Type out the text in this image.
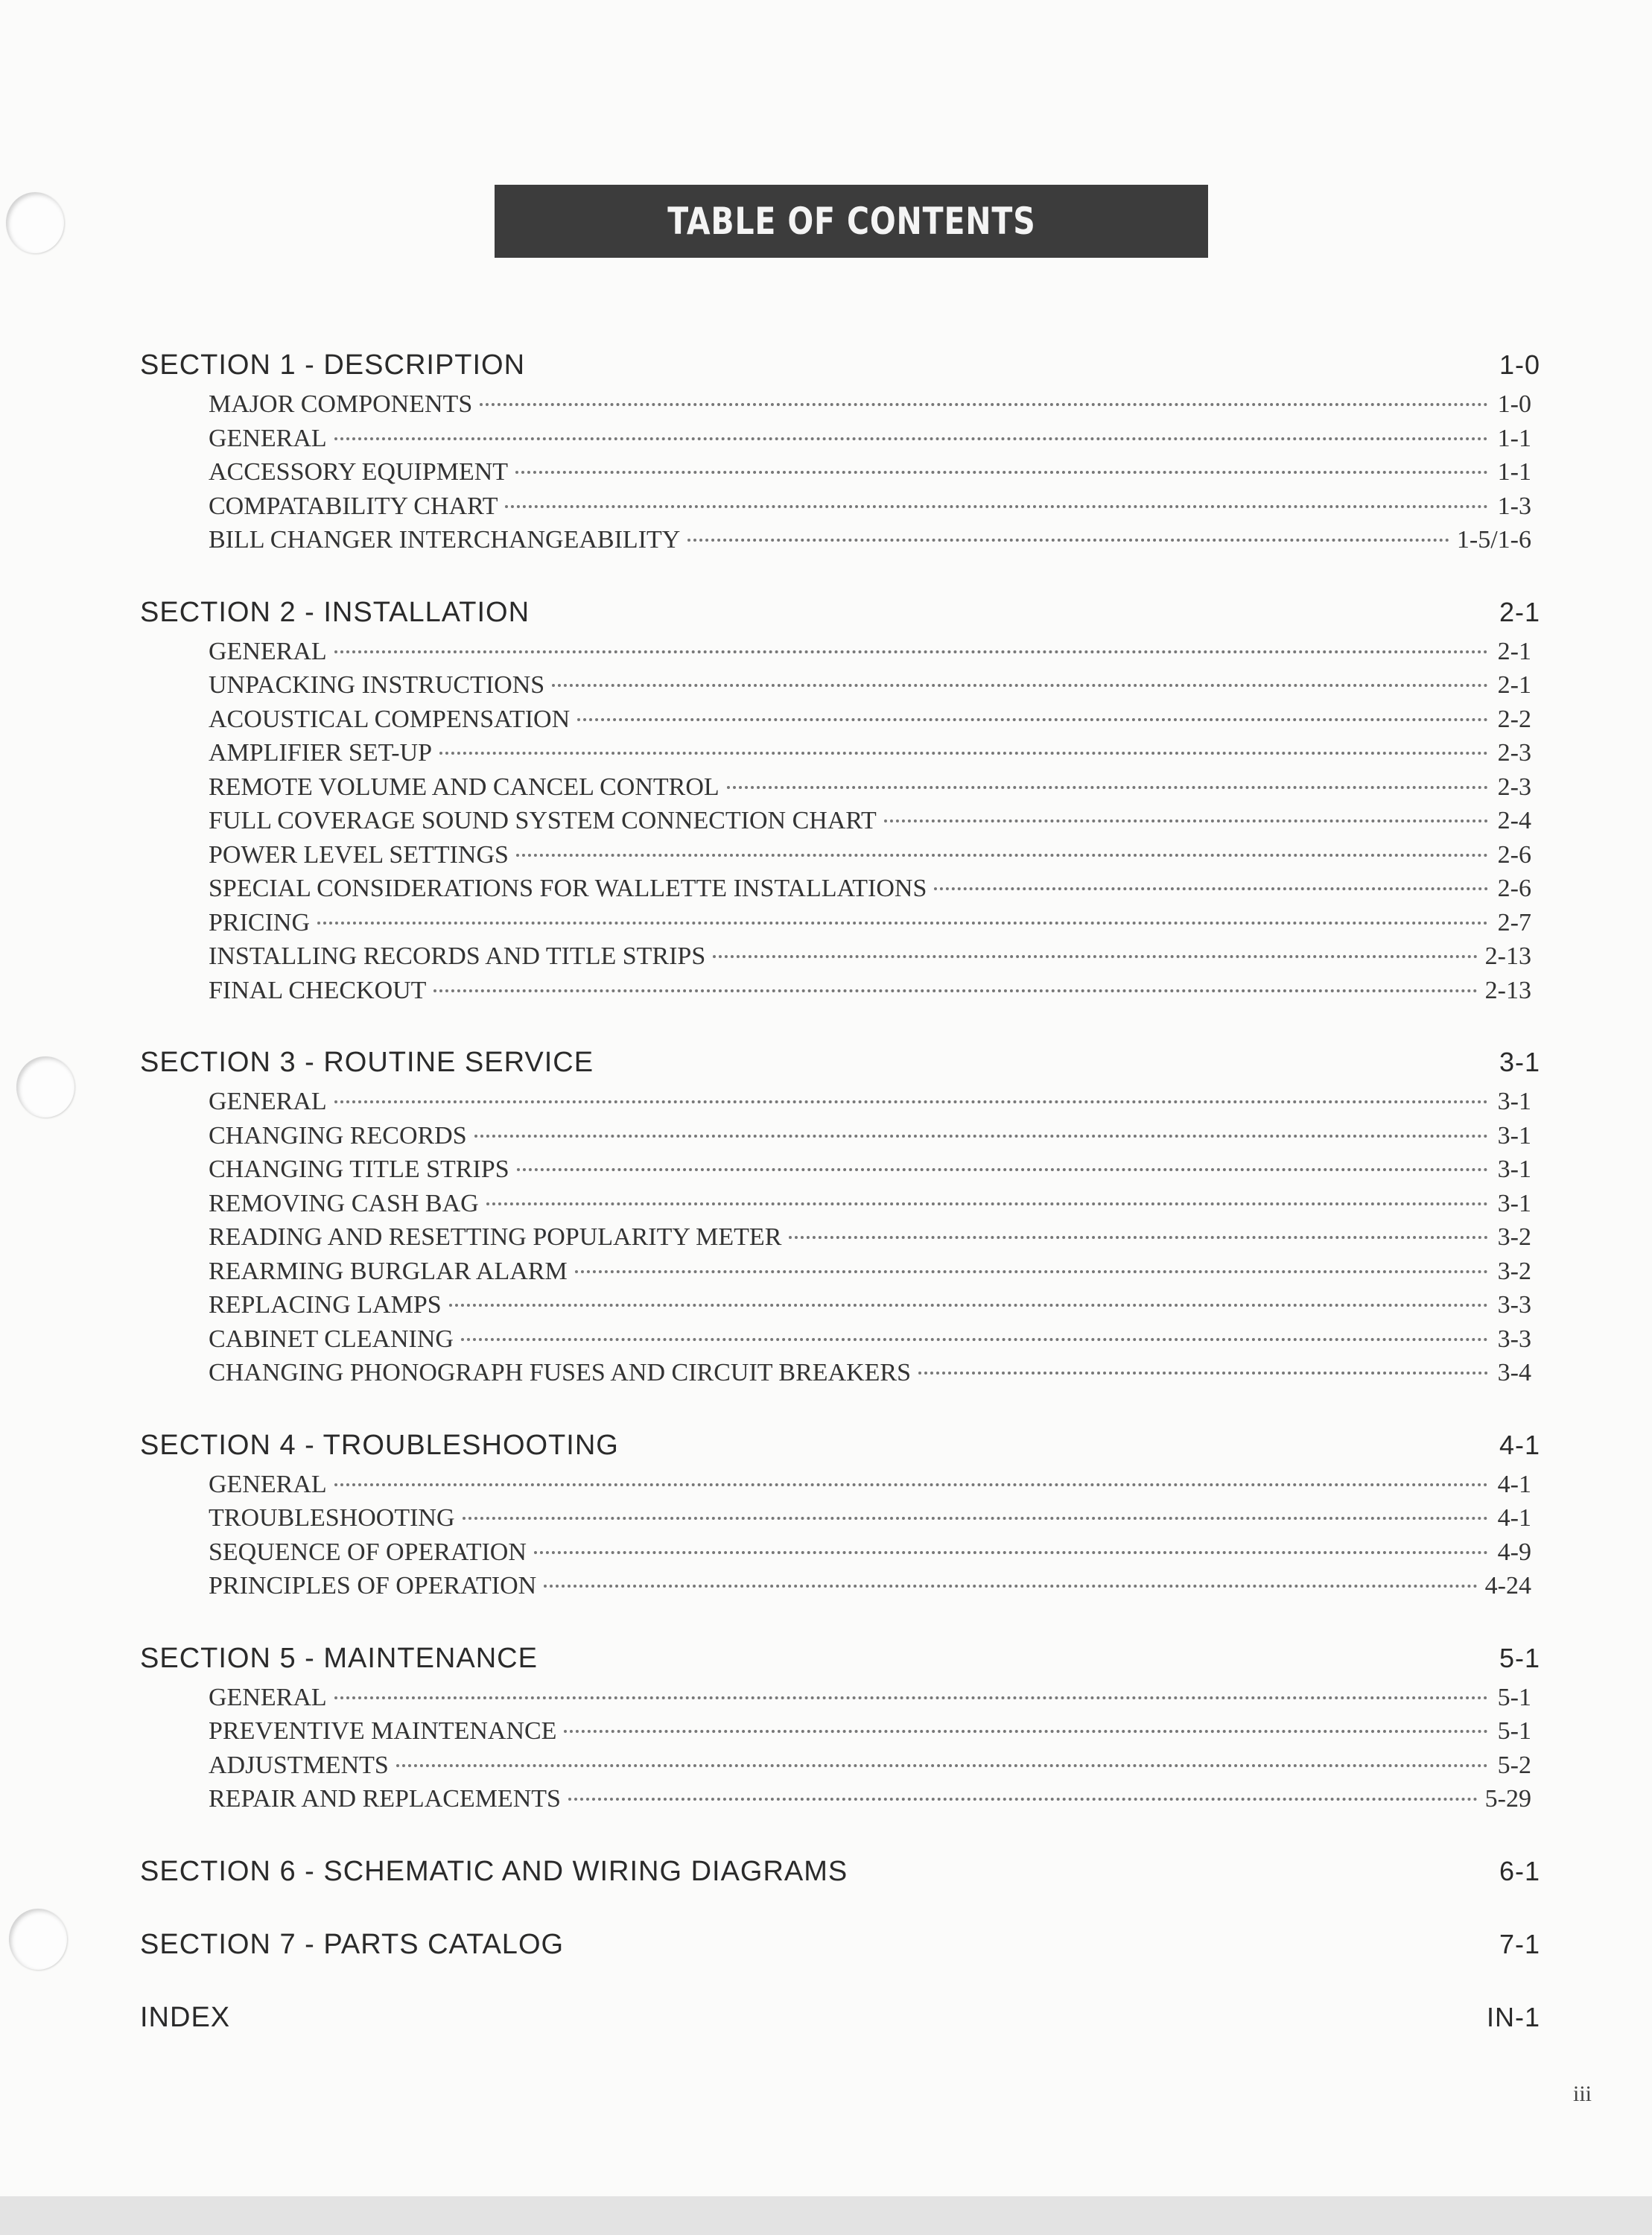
TABLE OF CONTENTS
SECTION 1 - DESCRIPTION	1-0
MAJOR COMPONENTS	1-0
GENERAL	1-1
ACCESSORY EQUIPMENT	1-1
COMPATABILITY CHART	1-3
BILL CHANGER INTERCHANGEABILITY	1-5/1-6
SECTION 2 - INSTALLATION	2-1
GENERAL	2-1
UNPACKING INSTRUCTIONS	2-1
ACOUSTICAL COMPENSATION	2-2
AMPLIFIER SET-UP	2-3
REMOTE VOLUME AND CANCEL CONTROL	2-3
FULL COVERAGE SOUND SYSTEM CONNECTION CHART	2-4
POWER LEVEL SETTINGS	2-6
SPECIAL CONSIDERATIONS FOR WALLETTE INSTALLATIONS	2-6
PRICING	2-7
INSTALLING RECORDS AND TITLE STRIPS	2-13
FINAL CHECKOUT	2-13
SECTION 3 - ROUTINE SERVICE	3-1
GENERAL	3-1
CHANGING RECORDS	3-1
CHANGING TITLE STRIPS	3-1
REMOVING CASH BAG	3-1
READING AND RESETTING POPULARITY METER	3-2
REARMING BURGLAR ALARM	3-2
REPLACING LAMPS	3-3
CABINET CLEANING	3-3
CHANGING PHONOGRAPH FUSES AND CIRCUIT BREAKERS	3-4
SECTION 4 - TROUBLESHOOTING	4-1
GENERAL	4-1
TROUBLESHOOTING	4-1
SEQUENCE OF OPERATION	4-9
PRINCIPLES OF OPERATION	4-24
SECTION 5 - MAINTENANCE	5-1
GENERAL	5-1
PREVENTIVE MAINTENANCE	5-1
ADJUSTMENTS	5-2
REPAIR AND REPLACEMENTS	5-29
SECTION 6 - SCHEMATIC AND WIRING DIAGRAMS	6-1
SECTION 7 - PARTS CATALOG	7-1
INDEX	IN-1
iii
